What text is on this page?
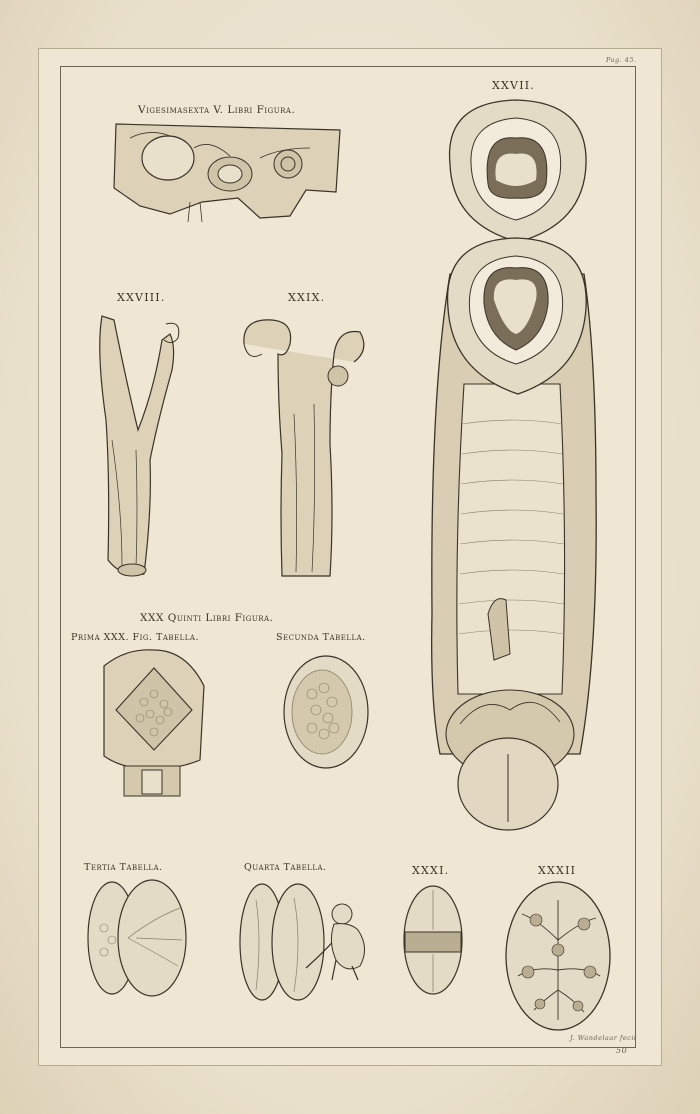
Pag. 45.
Vigesimasexta V. Libri Figura.
XXVII.
XXVIII.	XXIX.
XXX Quinti Libri Figura.
Prima XXX. Fig. Tabella.	Secunda Tabella.
Tertia Tabella.	Quarta Tabella.	XXXI.	XXXII
J. Wandelaar fecit
50
